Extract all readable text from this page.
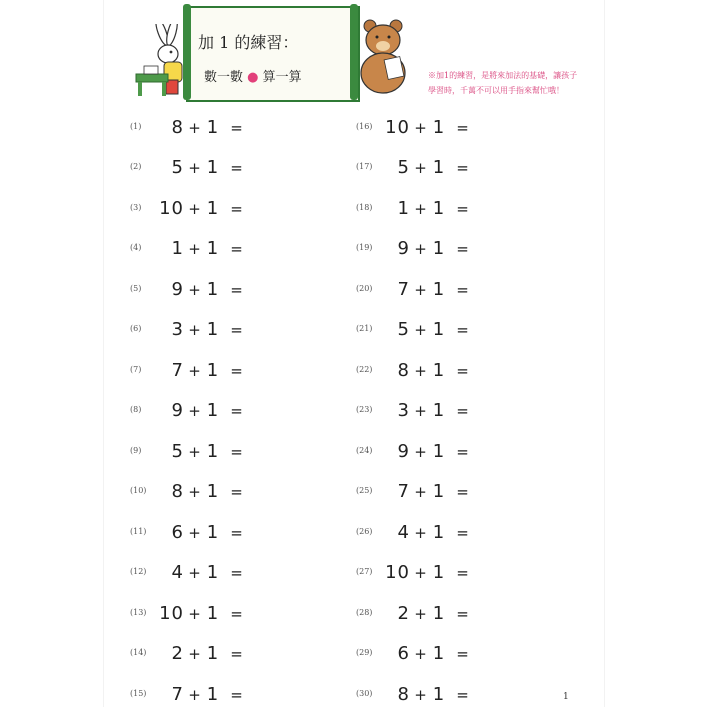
加 1 的練習：
數一數 ● 算一算	※加1的練習，是將來加法的基礎，讓孩子學習時，千萬不可以用手指來幫忙哦！
(1)	8 + 1 =
(2)	5 + 1 =
(3) 10 + 1 =
(4)	1 + 1 =
(5)	9 + 1 =
(6)	3 + 1 =
(7)	7 + 1 =
(8)	9 + 1 =
(9)	5 + 1 =
(10)	8 + 1 =
(11)	6 + 1 =
(12)	4 + 1 =
(13) 10 + 1 =
(14)	2 + 1 =
(15)	7 + 1 =
(16) 10 + 1 =
(17)	5 + 1 =
(18)	1 + 1 =
(19)	9 + 1 =
(20)	7 + 1 =
(21)	5 + 1 =
(22)	8 + 1 =
(23)	3 + 1 =
(24)	9 + 1 =
(25)	7 + 1 =
(26)	4 + 1 =
(27) 10 + 1 =
(28)	2 + 1 =
(29)	6 + 1 =
(30)	8 + 1 =	1
